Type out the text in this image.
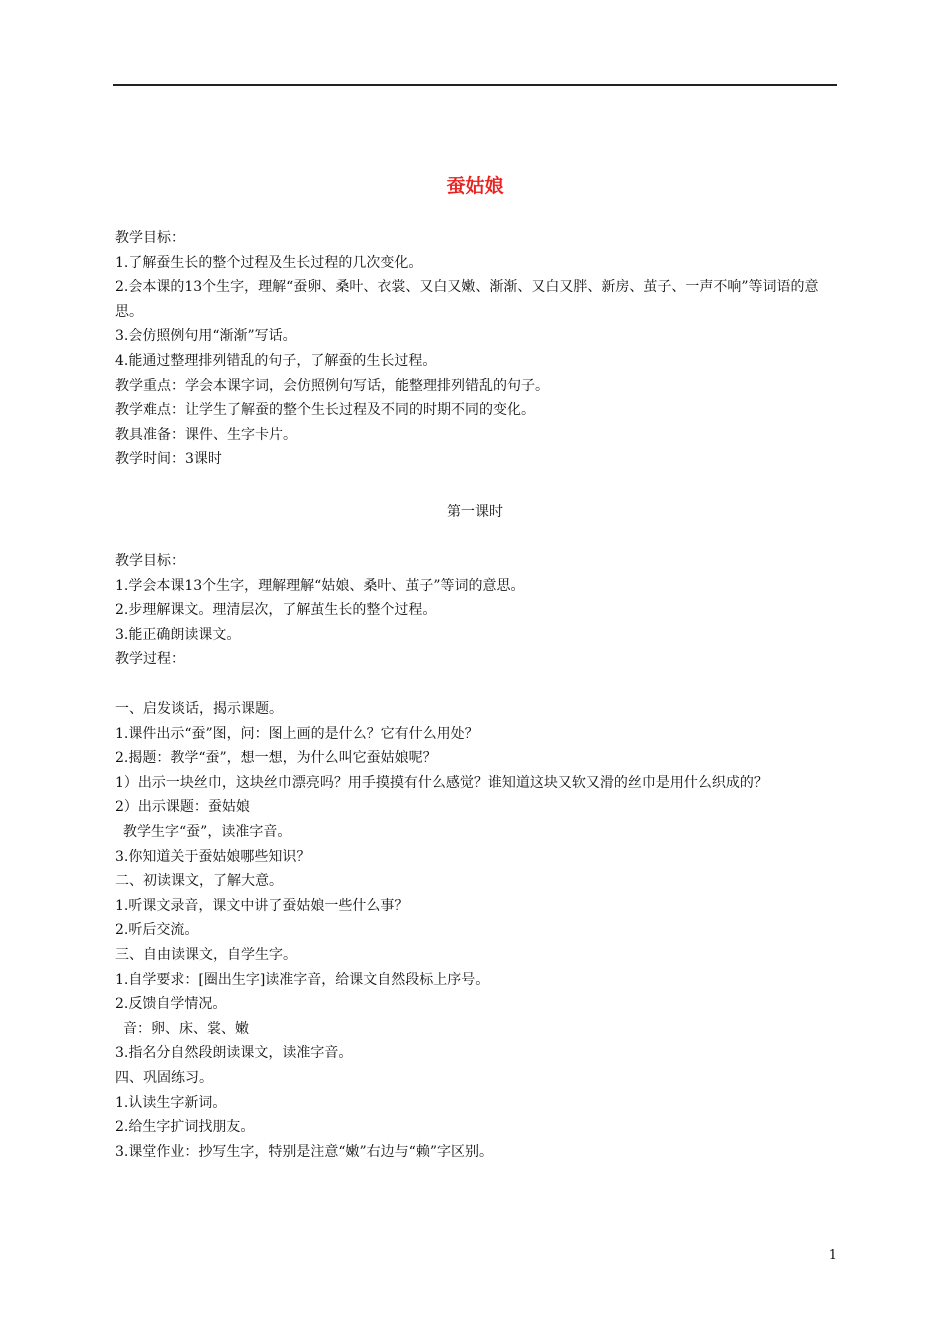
蚕姑娘

教学目标：

1.了解蚕生长的整个过程及生长过程的几次变化。

2.会本课的13个生字，理解“蚕卵、桑叶、衣裳、又白又嫩、渐渐、又白又胖、新房、茧子、一声不响”等词语的意思。

3.会仿照例句用“渐渐”写话。

4.能通过整理排列错乱的句子，了解蚕的生长过程。

教学重点：学会本课字词，会仿照例句写话，能整理排列错乱的句子。

教学难点：让学生了解蚕的整个生长过程及不同的时期不同的变化。

教具准备：课件、生字卡片。

教学时间：3课时

第一课时

教学目标：

1.学会本课13个生字，理解理解“姑娘、桑叶、茧子”等词的意思。

2.步理解课文。理清层次，了解茧生长的整个过程。

3.能正确朗读课文。

教学过程：

一、启发谈话，揭示课题。

1.课件出示“蚕”图，问：图上画的是什么？它有什么用处？

2.揭题：教学“蚕”，想一想，为什么叫它蚕姑娘呢？

1）出示一块丝巾，这块丝巾漂亮吗？用手摸摸有什么感觉？谁知道这块又软又滑的丝巾是用什么织成的？

2）出示课题：蚕姑娘

教学生字“蚕”，读准字音。

3.你知道关于蚕姑娘哪些知识？

二、初读课文，了解大意。

1.听课文录音，课文中讲了蚕姑娘一些什么事？

2.听后交流。

三、自由读课文，自学生字。

1.自学要求：[圈出生字]读准字音，给课文自然段标上序号。

2.反馈自学情况。

音：卵、床、裳、嫩

3.指名分自然段朗读课文，读准字音。

四、巩固练习。

1.认读生字新词。

2.给生字扩词找朋友。

3.课堂作业：抄写生字，特别是注意“嫩”右边与“赖”字区别。

1
